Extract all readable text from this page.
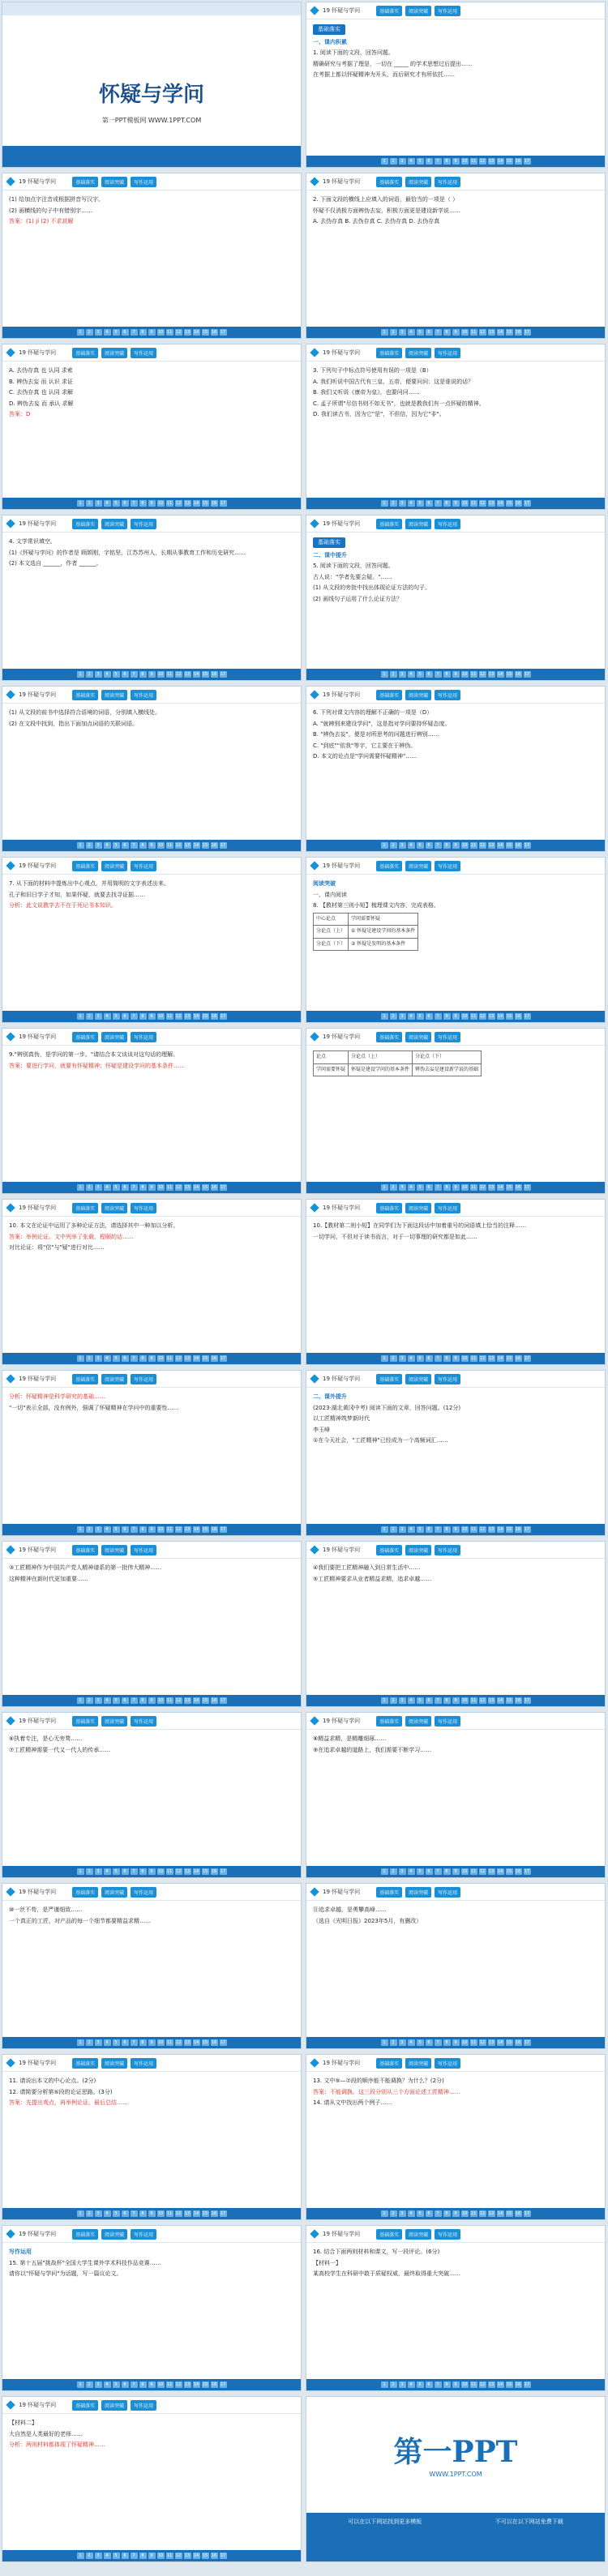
怀疑与学问
第一PPT模板网 WWW.1PPT.COM
19 怀疑与学问	基础落实	阅读突破	写作运用
基础落实

一、课内积累

1. 阅读下面的文段，回答问题。

精确研究与考据了理是，一切在 _____ 的学术思想过后提出……

在考据上都以怀疑精神为开头，而后研究才有所依托……

1	2	3	4	5	6	7	8	9	10 11 12 13 14 15 16 17
19 怀疑与学问	基础落实	阅读突破	写作运用

(1) 给加点字注音或根据拼音写汉字。

(2) 画横线的句子中有错别字……

答案：(1) jí (2) 不求甚解

1	2	3	4	5	6	7	8	9	10 11 12 13 14 15 16 17
19 怀疑与学问	基础落实	阅读突破	写作运用

2. 下面文段的横线上应填入的词语，最恰当的一项是（ ）

怀疑不仅消极方面辨伪去妄，积极方面更是建设新学说……

A. 去伪存真 B. 去伪存真 C. 去伪存真 D. 去伪存真

1	2	3	4	5	6	7	8	9	10 11 12 13 14 15 16 17
19 怀疑与学问	基础落实	阅读突破	写作运用

A. 去伪存真 也 认同 求索

B. 辨伪去妄 而 认识 求证

C. 去伪存真 也 认同 求解

D. 辨伪去妄 而 承认 求解

答案：D

1	2	3	4	5	6	7	8	9	10 11 12 13 14 15 16 17
19 怀疑与学问	基础落实	阅读突破	写作运用

3. 下列句子中标点符号使用有误的一项是（B）

A. 我们听说中国古代有三皇、五帝，便要问问：这是谁说的话？

B. 我们又听说《康帝为皇》，也要问问……

C. 孟子所谓"尽信书则不如无书"，也就是教我们有一点怀疑的精神。

D. 我们读古书，因为它"是"，不但信，因为它"非"。

1	2	3	4	5	6	7	8	9	10 11 12 13 14 15 16 17
19 怀疑与学问	基础落实	阅读突破	写作运用

4. 文学常识填空。

(1)《怀疑与学问》的作者是 顾颉刚，字铭坚，江苏苏州人，长期从事教育工作和历史研究……

(2) 本文选自 ______，作者 ______。

1	2	3	4	5	6	7	8	9	10 11 12 13 14 15 16 17
19 怀疑与学问	基础落实	阅读突破	写作运用
基础落实

二、课中提升

5. 阅读下面的文段，回答问题。

古人说："学者先要会疑。"……

(1) 从文段的旁批中找出体现论证方法的句子。

(2) 画线句子运用了什么论证方法？

1	2	3	4	5	6	7	8	9	10 11 12 13 14 15 16 17
19 怀疑与学问	基础落实	阅读突破	写作运用

(1) 从文段的前书中选择符合语境的词语，分别填入横线处。

(2) 在文段中找到，指出下面加点词语的关联词语。

1	2	3	4	5	6	7	8	9	10 11 12 13 14 15 16 17
19 怀疑与学问	基础落实	阅读突破	写作运用

6. 下列对课文内容的理解不正确的一项是（D）

A. "就辨别来建设学问"，这是指对学问要持怀疑态度。

B. "辨伪去妄"，便是对所思考的问题进行辨别……

C. "到底""依我"等字，它主要在于辨伪。

D. 本文的论点是"学问需要怀疑精神"……

1	2	3	4	5	6	7	8	9	10 11 12 13 14 15 16 17
19 怀疑与学问	基础落实	阅读突破	写作运用

7. 从下面的材料中提炼出中心观点，并用简明的文字表述出来。

孔子和旧日学子才知，如果怀疑，就要去找寻证据……

分析：此文说教学去不在于死记书本知识。

1	2	3	4	5	6	7	8	9	10 11 12 13 14 15 16 17
19 怀疑与学问	基础落实	阅读突破	写作运用

阅读突破

一、课内阅读

8. 【教材第三则小短】梳理课文内容，完成表格。

中心论点	学问需要怀疑
分论点（上）	① 怀疑是建设学问的基本条件
分论点（下）	② 怀疑是发明的基本条件
1	2	3	4	5	6	7	8	9	10 11 12 13 14 15 16 17
19 怀疑与学问	基础落实	阅读突破	写作运用

9."辨别真伪，是学问的第一步。"请结合本文谈谈对这句话的理解。

答案：要进行学问，就要有怀疑精神；怀疑是建设学问的基本条件……

1	2	3	4	5	6	7	8	9	10 11 12 13 14 15 16 17
19 怀疑与学问	基础落实	阅读突破	写作运用
论点	分论点（上）	分论点（下）
学问需要怀疑	怀疑是建设学问的基本条件	辨伪去妄是建设新学说的基础
1	2	3	4	5	6	7	8	9	10 11 12 13 14 15 16 17
19 怀疑与学问	基础落实	阅读突破	写作运用

10. 本文在论证中运用了多种论证方法，请选择其中一种加以分析。

答案：举例论证。文中列举了张载、程颐的话……

对比论证：将"信"与"疑"进行对比……

1	2	3	4	5	6	7	8	9	10 11 12 13 14 15 16 17
19 怀疑与学问	基础落实	阅读突破	写作运用

10.【教材第二则小短】在同学们为下面这段话中加着重号的词语填上恰当的注释……

一切学问，不但对于读书而言，对于一切事理的研究都是如此……

1	2	3	4	5	6	7	8	9	10 11 12 13 14 15 16 17
19 怀疑与学问	基础落实	阅读突破	写作运用

分析：怀疑精神是科学研究的基础……

"一切"表示全部，没有例外，强调了怀疑精神在学问中的重要性……

1	2	3	4	5	6	7	8	9	10 11 12 13 14 15 16 17
19 怀疑与学问	基础落实	阅读突破	写作运用

二、课外提升

(2023·湖北黄冈中考) 阅读下面的文章，回答问题。(12分)

以工匠精神筑梦新时代

李玉峰

①在今天社会，"工匠精神"已经成为一个高频词汇……

1	2	3	4	5	6	7	8	9	10 11 12 13 14 15 16 17
19 怀疑与学问	基础落实	阅读突破	写作运用

③工匠精神作为中国共产党人精神谱系的第一批伟大精神……

这种精神在新时代更加重要……

1	2	3	4	5	6	7	8	9	10 11 12 13 14 15 16 17
19 怀疑与学问	基础落实	阅读突破	写作运用

④我们要把工匠精神融入到日常生活中……

⑤工匠精神要求从业者精益求精，追求卓越……

1	2	3	4	5	6	7	8	9	10 11 12 13 14 15 16 17
19 怀疑与学问	基础落实	阅读突破	写作运用

⑥执着专注，是心无旁骛……

⑦工匠精神需要一代又一代人的传承……

1	2	3	4	5	6	7	8	9	10 11 12 13 14 15 16 17
19 怀疑与学问	基础落实	阅读突破	写作运用

⑧精益求精，是精雕细琢……

⑨在追求卓越的道路上，我们需要不断学习……

1	2	3	4	5	6	7	8	9	10 11 12 13 14 15 16 17
19 怀疑与学问	基础落实	阅读突破	写作运用

⑩一丝不苟，是严谨细致……

一个真正的工匠，对产品的每一个细节都要精益求精……

1	2	3	4	5	6	7	8	9	10 11 12 13 14 15 16 17
19 怀疑与学问	基础落实	阅读突破	写作运用

⑪追求卓越，是勇攀高峰……

（选自《光明日报》2023年5月，有删改）

1	2	3	4	5	6	7	8	9	10 11 12 13 14 15 16 17
19 怀疑与学问	基础落实	阅读突破	写作运用

11. 请说出本文的中心论点。(2分)

12. 请简要分析第⑤段的论证思路。(3分)

答案：先提出观点，再举例论证，最后总结……

1	2	3	4	5	6	7	8	9	10 11 12 13 14 15 16 17
19 怀疑与学问	基础落实	阅读突破	写作运用

13. 文中⑤—⑦段的顺序能不能调换？为什么？(2分)

答案：不能调换。这三段分别从三个方面论述工匠精神……

14. 请从文中找出两个例子……

1	2	3	4	5	6	7	8	9	10 11 12 13 14 15 16 17
19 怀疑与学问	基础落实	阅读突破	写作运用

写作运用

15. 第十五届"挑战杯"全国大学生课外学术科技作品竞赛……

请你以"怀疑与学问"为话题，写一篇议论文。

1	2	3	4	5	6	7	8	9	10 11 12 13 14 15 16 17
19 怀疑与学问	基础落实	阅读突破	写作运用

16. 结合下面两则材料和课文，写一段评论。(6分)

【材料一】

某高校学生在科研中敢于质疑权威，最终取得重大突破……

1	2	3	4	5	6	7	8	9	10 11 12 13 14 15 16 17
19 怀疑与学问	基础落实	阅读突破	写作运用

【材料二】

大自然是人类最好的老师……

分析：两则材料都体现了怀疑精神……

1	2	3	4	5	6	7	8	9	10 11 12 13 14 15 16 17
第一PPT
WWW.1PPT.COM
可以在以下网站找到更多模板	不可以在以下网站免费下载
